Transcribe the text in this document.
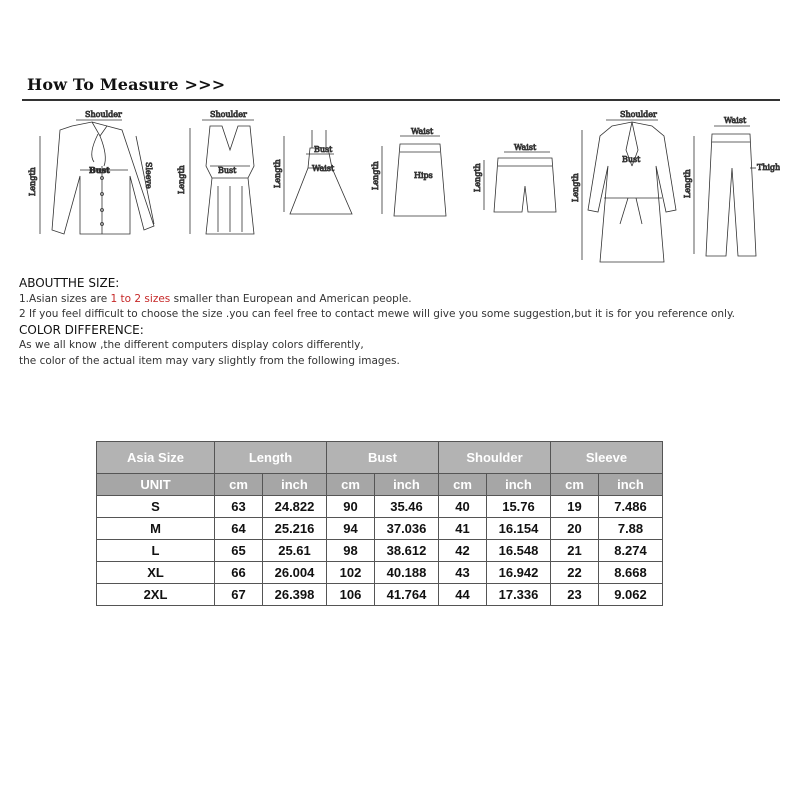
How To Measure >>>
Shoulder
Bust
Length	Sleeve
Shoulder
Bust
Length
Bust
Waist
Length
Waist
Hips
Length
Waist
Length
Shoulder
Bust
Length
Waist
Thigh
Length
ABOUTTHE SIZE:
1.Asian sizes are 1 to 2 sizes smaller than European and American people.
2 If you feel difficult to choose the size .you can feel free to contact mewe will give you some suggestion,but it is for you reference only.
COLOR DIFFERENCE:
As we all know ,the different computers display colors differently,
the color of the actual item may vary slightly from the following images.
Asia Size	Length		Bust		Shoulder		Sleeve	
UNIT	cm	inch	cm	inch	cm	inch	cm	inch
S	63	24.822	90	35.46	40	15.76	19	7.486
M	64	25.216	94	37.036	41	16.154	20	7.88
L	65	25.61	98	38.612	42	16.548	21	8.274
XL	66	26.004	102	40.188	43	16.942	22	8.668
2XL	67	26.398	106	41.764	44	17.336	23	9.062
